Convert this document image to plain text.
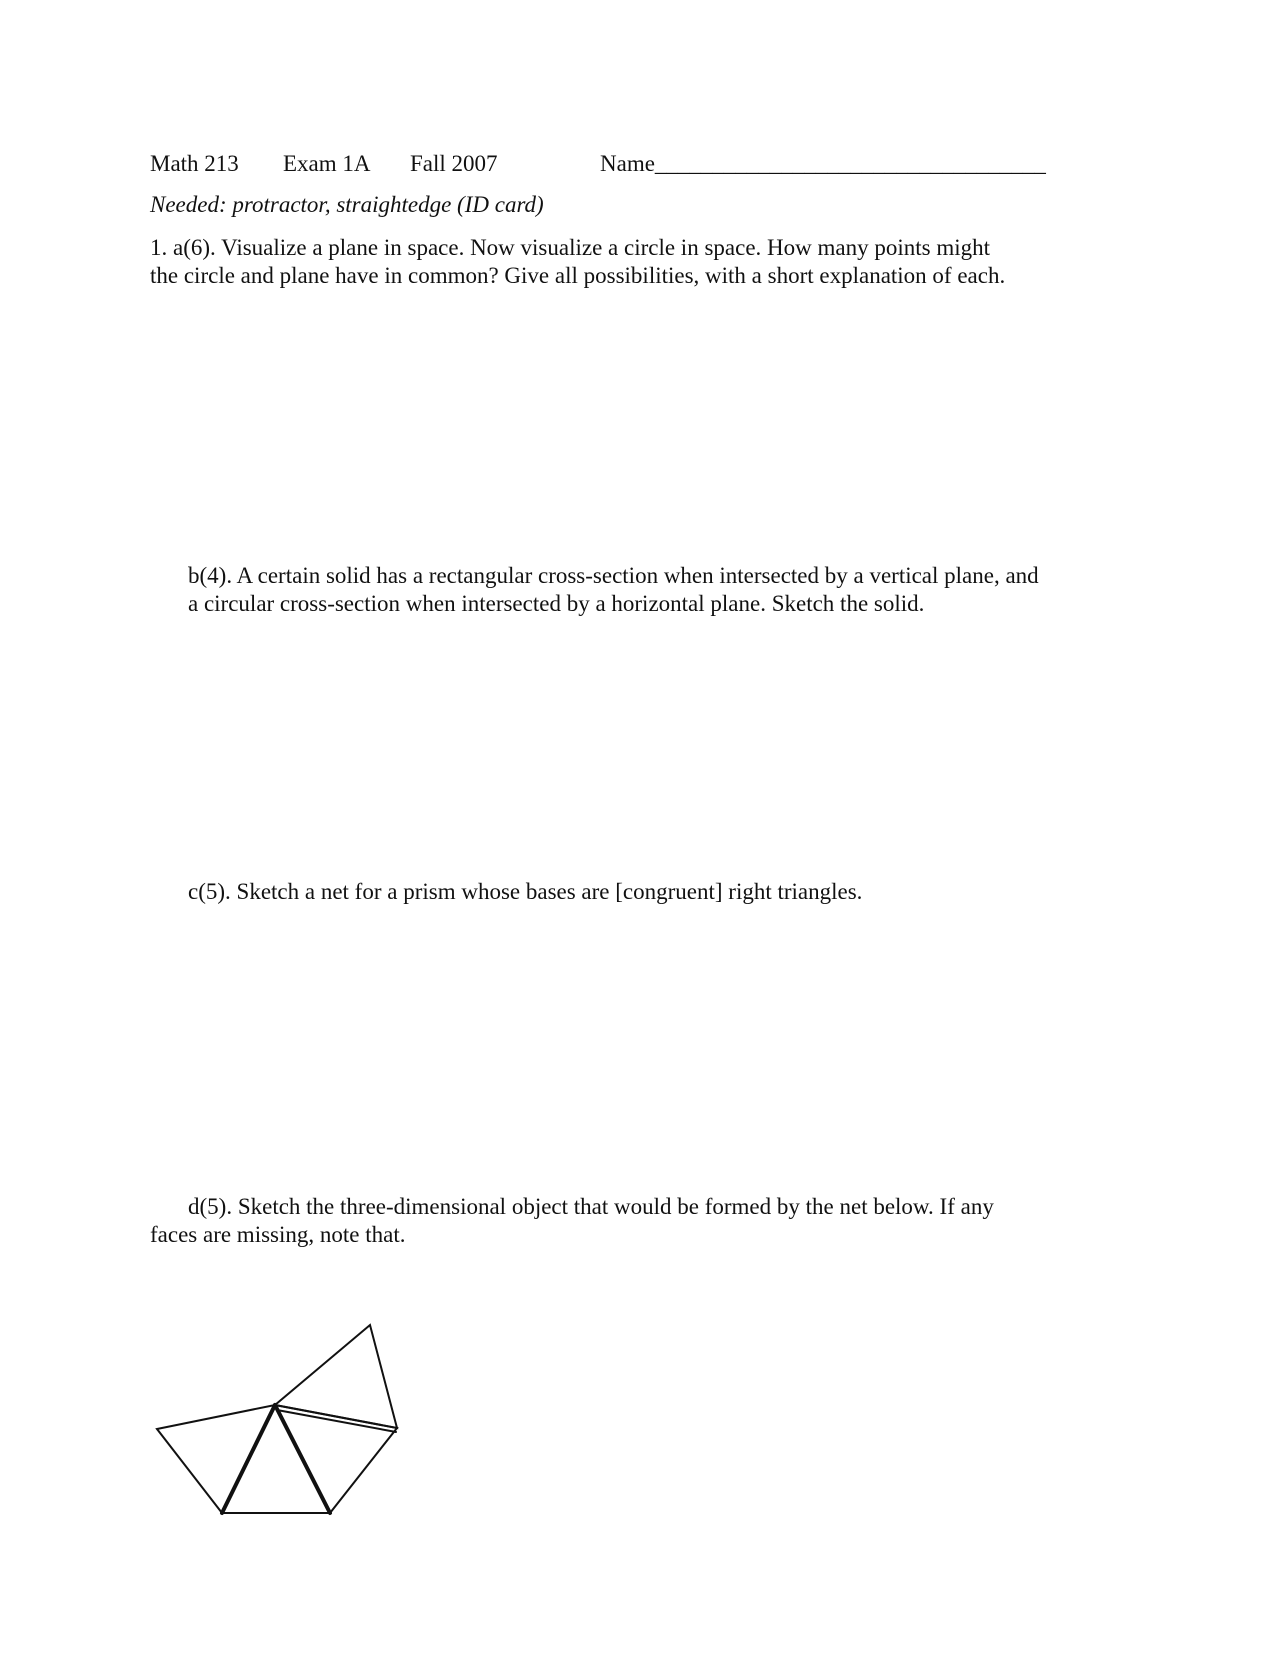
Math 213 Exam 1A Fall 2007	Name__________________________________
Needed: protractor, straightedge (ID card)
1. a(6). Visualize a plane in space. Now visualize a circle in space. How many points might
the circle and plane have in common? Give all possibilities, with a short explanation of each.
b(4). A certain solid has a rectangular cross-section when intersected by a vertical plane, and
a circular cross-section when intersected by a horizontal plane. Sketch the solid.
c(5). Sketch a net for a prism whose bases are [congruent] right triangles.
d(5). Sketch the three-dimensional object that would be formed by the net below. If any
faces are missing, note that.
